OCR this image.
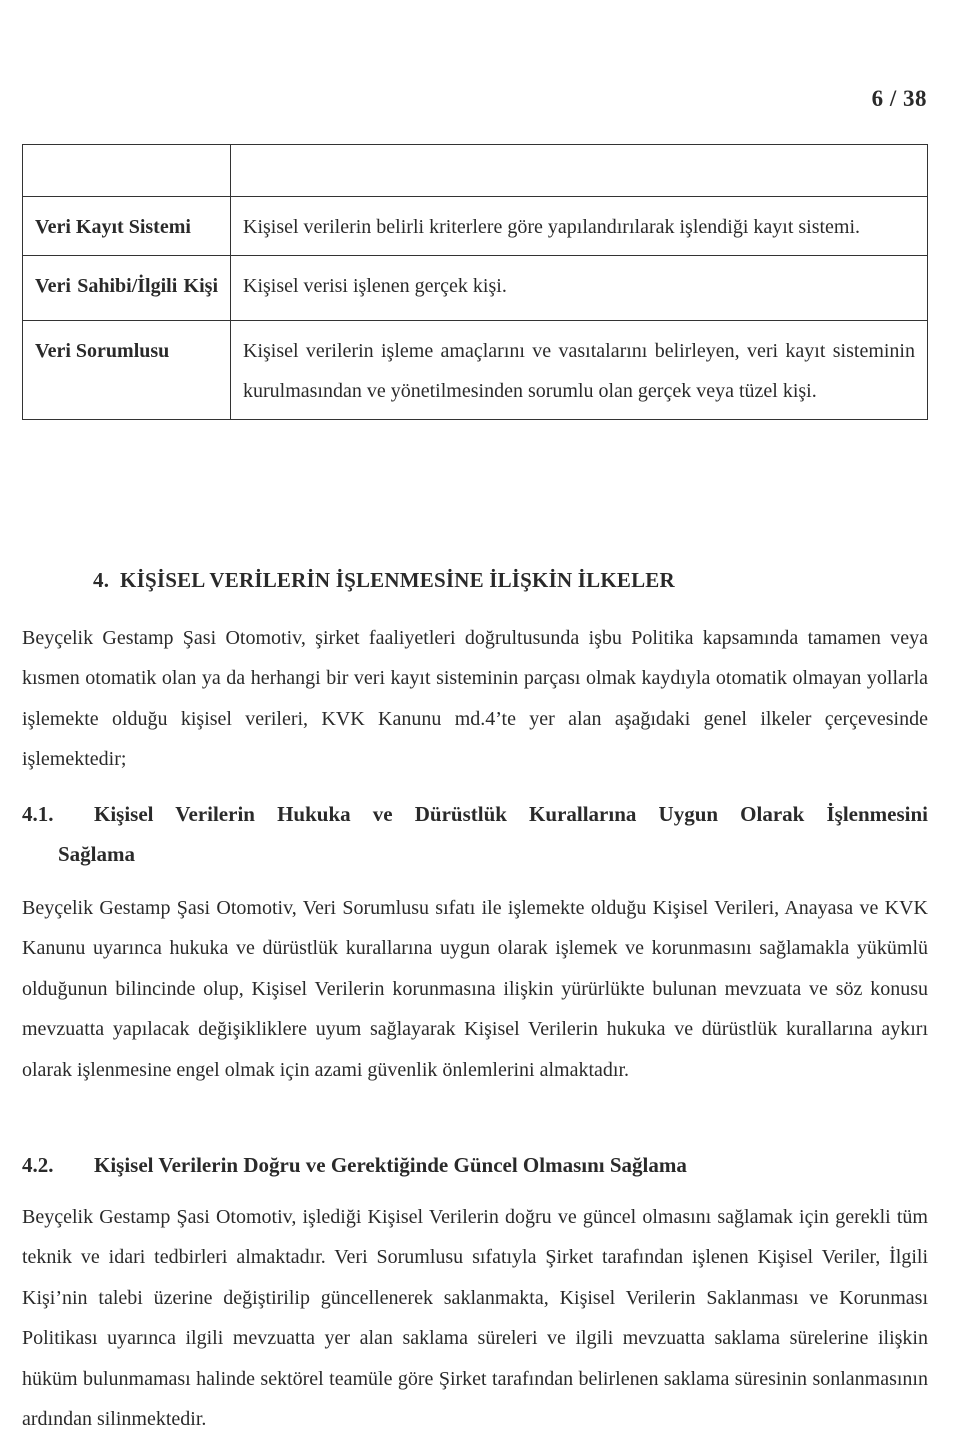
6 / 38

Veri Kayıt Sistemi	Kişisel verilerin belirli kriterlere göre yapılandırılarak işlendiği kayıt sistemi.
Veri Sahibi/İlgili Kişi	Kişisel verisi işlenen gerçek kişi.
Veri Sorumlusu	Kişisel verilerin işleme amaçlarını ve vasıtalarını belirleyen, veri kayıt sisteminin kurulmasından ve yönetilmesinden sorumlu olan gerçek veya tüzel kişi.
4.  KİŞİSEL VERİLERİN İŞLENMESİNE İLİŞKİN İLKELER

Beyçelik Gestamp Şasi Otomotiv, şirket faaliyetleri doğrultusunda işbu Politika kapsamında tamamen veya kısmen otomatik olan ya da herhangi bir veri kayıt sisteminin parçası olmak kaydıyla otomatik olmayan yollarla işlemekte olduğu kişisel verileri, KVK Kanunu md.4’te yer alan aşağıdaki genel ilkeler çerçevesinde işlemektedir;

4.1.	Kişisel Verilerin Hukuka ve Dürüstlük Kurallarına Uygun Olarak İşlenmesini
Sağlama

Beyçelik Gestamp Şasi Otomotiv, Veri Sorumlusu sıfatı ile işlemekte olduğu Kişisel Verileri, Anayasa ve KVK Kanunu uyarınca hukuka ve dürüstlük kurallarına uygun olarak işlemek ve korunmasını sağlamakla yükümlü olduğunun bilincinde olup, Kişisel Verilerin korunmasına ilişkin yürürlükte bulunan mevzuata ve söz konusu mevzuatta yapılacak değişikliklere uyum sağlayarak Kişisel Verilerin hukuka ve dürüstlük kurallarına aykırı olarak işlenmesine engel olmak için azami güvenlik önlemlerini almaktadır.

4.2.	Kişisel Verilerin Doğru ve Gerektiğinde Güncel Olmasını Sağlama

Beyçelik Gestamp Şasi Otomotiv, işlediği Kişisel Verilerin doğru ve güncel olmasını sağlamak için gerekli tüm teknik ve idari tedbirleri almaktadır. Veri Sorumlusu sıfatıyla Şirket tarafından işlenen Kişisel Veriler, İlgili Kişi’nin talebi üzerine değiştirilip güncellenerek saklanmakta, Kişisel Verilerin Saklanması ve Korunması Politikası uyarınca ilgili mevzuatta yer alan saklama süreleri ve ilgili mevzuatta saklama sürelerine ilişkin hüküm bulunmaması halinde sektörel teamüle göre Şirket tarafından belirlenen saklama süresinin sonlanmasının ardından silinmektedir.
